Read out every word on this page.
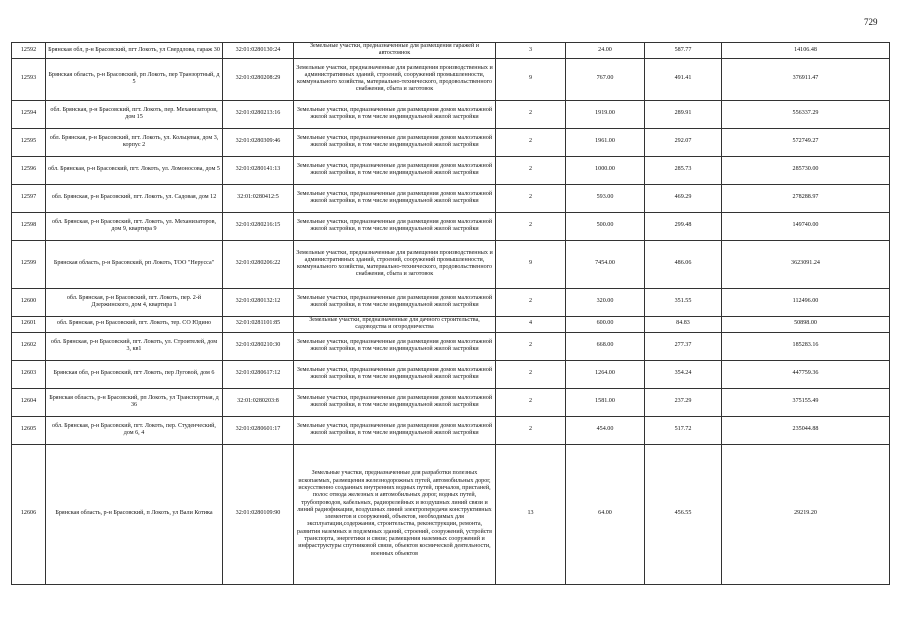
729
12592	Брянская обл, р-н Брасовский, пгт Локоть, ул Свердлова, гараж 30	32:01:0280130:24	Земельные участки, предназначенные для размещения гаражей и автостоянок	3	24.00	587.77	14106.48
12593	Брянская область, р-н Брасовский, рп Локоть, пер Транзортный, д 5	32:01:0280208:29	Земельные участки, предназначенные для размещения производственных и административных зданий, строений, сооружений промышленности, коммунального хозяйства, материально-технического, продовольственного снабжения, сбыта и заготовок	9	767.00	491.41	376911.47
12594	обл. Брянская, р-н Брасовский, пгт. Локоть, пер. Механизаторов, дом 15	32:01:0280213:16	Земельные участки, предназначенные для размещения домов малоэтажной жилой застройки, в том числе индивидуальной жилой застройки	2	1919.00	289.91	556337.29
12595	обл. Брянская, р-н Брасовский, пгт. Локоть, ул. Кольцевая, дом 3, корпус 2	32:01:0280309:46	Земельные участки, предназначенные для размещения домов малоэтажной жилой застройки, в том числе индивидуальной жилой застройки	2	1961.00	292.07	572749.27
12596	обл. Брянская, р-н Брасовский, пгт. Локоть, ул. Ломоносова, дом 5	32:01:0280141:13	Земельные участки, предназначенные для размещения домов малоэтажной жилой застройки, в том числе индивидуальной жилой застройки	2	1000.00	285.73	285730.00
12597	обл. Брянская, р-н Брасовский, пгт. Локоть, ул. Садовая, дом 12	32:01:0280412:5	Земельные участки, предназначенные для размещения домов малоэтажной жилой застройки, в том числе индивидуальной жилой застройки	2	593.00	469.29	278288.97
12598	обл. Брянская, р-н Брасовский, пгт. Локоть, ул. Механизаторов, дом 9, квартира 9	32:01:0280216:15	Земельные участки, предназначенные для размещения домов малоэтажной жилой застройки, в том числе индивидуальной жилой застройки	2	500.00	299.48	149740.00
12599	Брянская область, р-н Брасовский, рп Локоть, ТОО "Нерусса"	32:01:0280206:22	Земельные участки, предназначенные для размещения производственных и административных зданий, строений, сооружений промышленности, коммунального хозяйства, материально-технического, продовольственного снабжения, сбыта и заготовок	9	7454.00	486.06	3623091.24
12600	обл. Брянская, р-н Брасовский, пгт. Локоть, пер. 2-й Дзержинского, дом 4, квартира 1	32:01:0280132:12	Земельные участки, предназначенные для размещения домов малоэтажной жилой застройки, в том числе индивидуальной жилой застройки	2	320.00	351.55	112496.00
12601	обл. Брянская, р-н Брасовский, пгт. Локоть, тер. СО Юдино	32:01:0281101:85	Земельные участки, предназначенные для дачного строительства, садоводства и огородничества	4	600.00	84.83	50898.00
12602	обл. Брянская, р-н Брасовский, пгт. Локоть, ул. Строителей, дом 3, кв1	32:01:0280210:30	Земельные участки, предназначенные для размещения домов малоэтажной жилой застройки, в том числе индивидуальной жилой застройки	2	668.00	277.37	185283.16
12603	Брянская обл, р-н Брасовский, пгт Локоть, пер Луговой, дом 6	32:01:0280617:12	Земельные участки, предназначенные для размещения домов малоэтажной жилой застройки, в том числе индивидуальной жилой застройки	2	1264.00	354.24	447759.36
12604	Брянская область, р-н Брасовский, рп Локоть, ул Транспортная, д 36	32:01:0280203:8	Земельные участки, предназначенные для размещения домов малоэтажной жилой застройки, в том числе индивидуальной жилой застройки	2	1581.00	237.29	375155.49
12605	обл. Брянская, р-н Брасовский, пгт. Локоть, пер. Студенческий, дом 6, 4	32:01:0280601:17	Земельные участки, предназначенные для размещения домов малоэтажной жилой застройки, в том числе индивидуальной жилой застройки	2	454.00	517.72	235044.88
12606	Брянская область, р-н Брасовский, п Локоть, ул Вали Котика	32:01:0280109:90	Земельные участки, предназначенные для разработки полезных ископаемых, размещения железнодорожных путей, автомобильных дорог, искусственно созданных внутренних водных путей, причалов, пристаней, полос отвода железных и автомобильных дорог, водных путей, трубопроводов, кабельных, радиорелейных и воздушных линий связи и линий радиофикации, воздушных линий электропередачи конструктивных элементов и сооружений, объектов, необходимых для эксплуатации,содержания, строительства, реконструкции, ремонта, развития наземных и подземных зданий, строений, сооружений, устройств транспорта, энергетики и связи; размещения наземных сооружений и инфраструктуры спутниковой связи, объектов космической деятельности, военных объектов	13	64.00	456.55	29219.20
